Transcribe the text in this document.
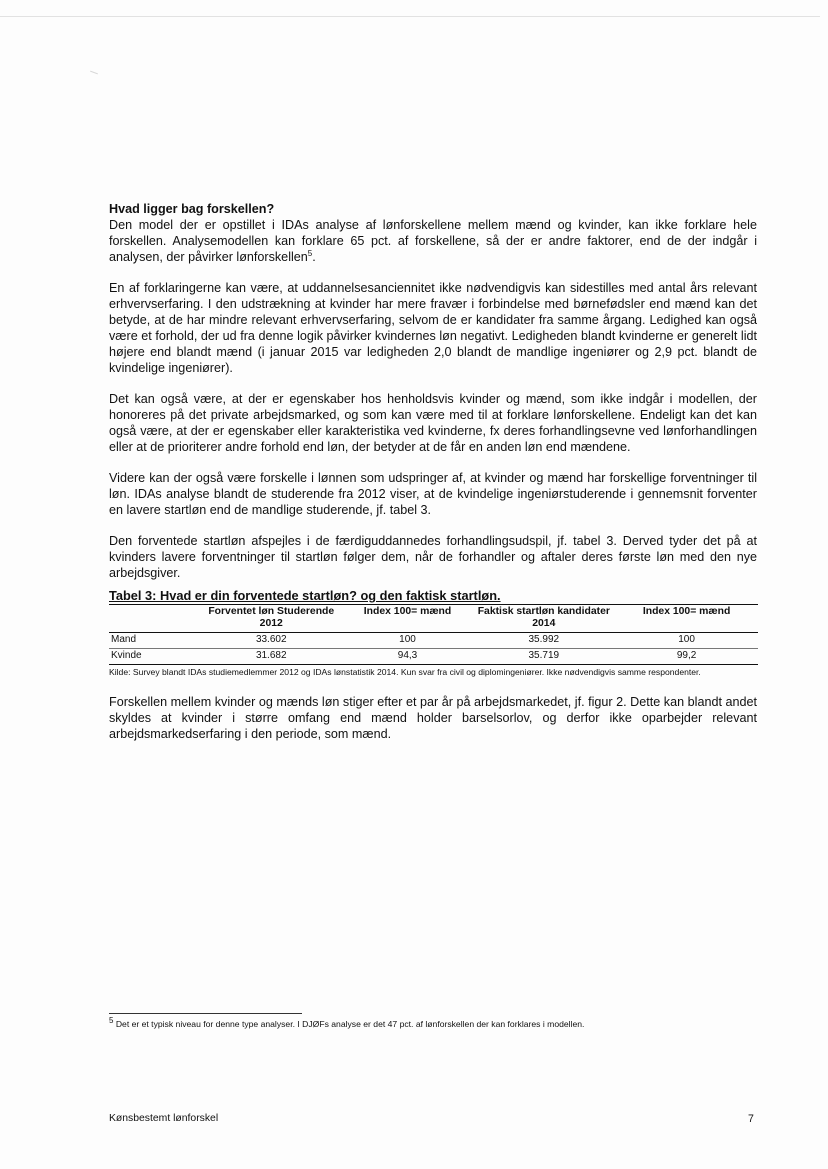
Hvad ligger bag forskellen?

Den model der er opstillet i IDAs analyse af lønforskellene mellem mænd og kvinder, kan ikke forklare hele forskellen. Analysemodellen kan forklare 65 pct. af forskellene, så der er andre faktorer, end de der indgår i analysen, der påvirker lønforskellen$^5$.

En af forklaringerne kan være, at uddannelsesanciennitet ikke nødvendigvis kan sidestilles med antal års relevant erhvervserfaring. I den udstrækning at kvinder har mere fravær i forbindelse med børnefødsler end mænd kan det betyde, at de har mindre relevant erhvervserfaring, selvom de er kandidater fra samme årgang. Ledighed kan også være et forhold, der ud fra denne logik påvirker kvindernes løn negativt. Ledigheden blandt kvinderne er generelt lidt højere end blandt mænd (i januar 2015 var ledigheden 2,0 blandt de mandlige ingeniører og 2,9 pct. blandt de kvindelige ingeniører).

Det kan også være, at der er egenskaber hos henholdsvis kvinder og mænd, som ikke indgår i modellen, der honoreres på det private arbejdsmarked, og som kan være med til at forklare lønforskellene. Endeligt kan det kan også være, at der er egenskaber eller karakteristika ved kvinderne, fx deres forhandlingsevne ved lønforhandlingen eller at de prioriterer andre forhold end løn, der betyder at de får en anden løn end mændene.

Videre kan der også være forskelle i lønnen som udspringer af, at kvinder og mænd har forskellige forventninger til løn. IDAs analyse blandt de studerende fra 2012 viser, at de kvindelige ingeniørstuderende i gennemsnit forventer en lavere startløn end de mandlige studerende, jf. tabel 3.

Den forventede startløn afspejles i de færdiguddannedes forhandlingsudspil, jf. tabel 3. Derved tyder det på at kvinders lavere forventninger til startløn følger dem, når de forhandler og aftaler deres første løn med den nye arbejdsgiver.

Tabel 3: Hvad er din forventede startløn? og den faktisk startløn.
	Forventet løn Studerende 2012	Index 100= mænd	Faktisk startløn kandidater 2014	Index 100= mænd
Mand	33.602	100	35.992	100
Kvinde	31.682	94,3	35.719	99,2
Kilde: Survey blandt IDAs studiemedlemmer 2012 og IDAs lønstatistik 2014. Kun svar fra civil og diplomingeniører. Ikke nødvendigvis samme respondenter.

Forskellen mellem kvinder og mænds løn stiger efter et par år på arbejdsmarkedet, jf. figur 2. Dette kan blandt andet skyldes at kvinder i større omfang end mænd holder barselsorlov, og derfor ikke oparbejder relevant arbejdsmarkedserfaring i den periode, som mænd.

$^5$ Det er et typisk niveau for denne type analyser. I DJØFs analyse er det 47 pct. af lønforskellen der kan forklares i modellen.
Kønsbestemt lønforskel	7
